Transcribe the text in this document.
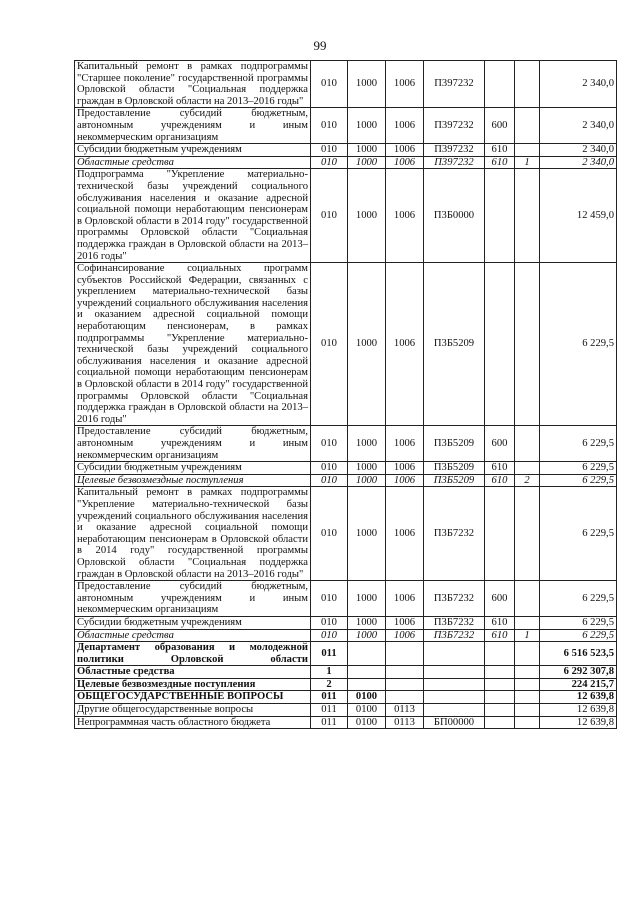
99
Капитальный ремонт в рамках подпрограммы "Старшее поколение" государственной программы Орловской области "Социальная поддержка граждан в Орловской области на 2013–2016 годы"	010	1000	1006	П397232			2 340,0
Предоставление субсидий бюджетным, автономным учреждениям и иным некоммерческим организациям	010	1000	1006	П397232	600		2 340,0
Субсидии бюджетным учреждениям	010	1000	1006	П397232	610		2 340,0
Областные средства	010	1000	1006	П397232	610	1	2 340,0
Подпрограмма "Укрепление материально-технической базы учреждений социального обслуживания населения и оказание адресной социальной помощи неработающим пенсионерам в Орловской области в 2014 году" государственной программы Орловской области "Социальная поддержка граждан в Орловской области на 2013–2016 годы"	010	1000	1006	П3Б0000			12 459,0
Софинансирование социальных программ субъектов Российской Федерации, связанных с укреплением материально-технической базы учреждений социального обслуживания населения и оказанием адресной социальной помощи неработающим пенсионерам, в рамках подпрограммы "Укрепление материально-технической базы учреждений социального обслуживания населения и оказание адресной социальной помощи неработающим пенсионерам в Орловской области в 2014 году" государственной программы Орловской области "Социальная поддержка граждан в Орловской области на 2013–2016 годы"	010	1000	1006	П3Б5209			6 229,5
Предоставление субсидий бюджетным, автономным учреждениям и иным некоммерческим организациям	010	1000	1006	П3Б5209	600		6 229,5
Субсидии бюджетным учреждениям	010	1000	1006	П3Б5209	610		6 229,5
Целевые безвозмездные поступления	010	1000	1006	П3Б5209	610	2	6 229,5
Капитальный ремонт в рамках подпрограммы "Укрепление материально-технической базы учреждений социального обслуживания населения и оказание адресной социальной помощи неработающим пенсионерам в Орловской области в 2014 году" государственной программы Орловской области "Социальная поддержка граждан в Орловской области на 2013–2016 годы"	010	1000	1006	П3Б7232			6 229,5
Предоставление субсидий бюджетным, автономным учреждениям и иным некоммерческим организациям	010	1000	1006	П3Б7232	600		6 229,5
Субсидии бюджетным учреждениям	010	1000	1006	П3Б7232	610		6 229,5
Областные средства	010	1000	1006	П3Б7232	610	1	6 229,5
Департамент образования и молодежной политики Орловской области	011						6 516 523,5
Областные средства	1						6 292 307,8
Целевые безвозмездные поступления	2						224 215,7
ОБЩЕГОСУДАРСТВЕННЫЕ ВОПРОСЫ	011	0100					12 639,8
Другие общегосударственные вопросы	011	0100	0113				12 639,8
Непрограммная часть областного бюджета	011	0100	0113	БП00000			12 639,8
